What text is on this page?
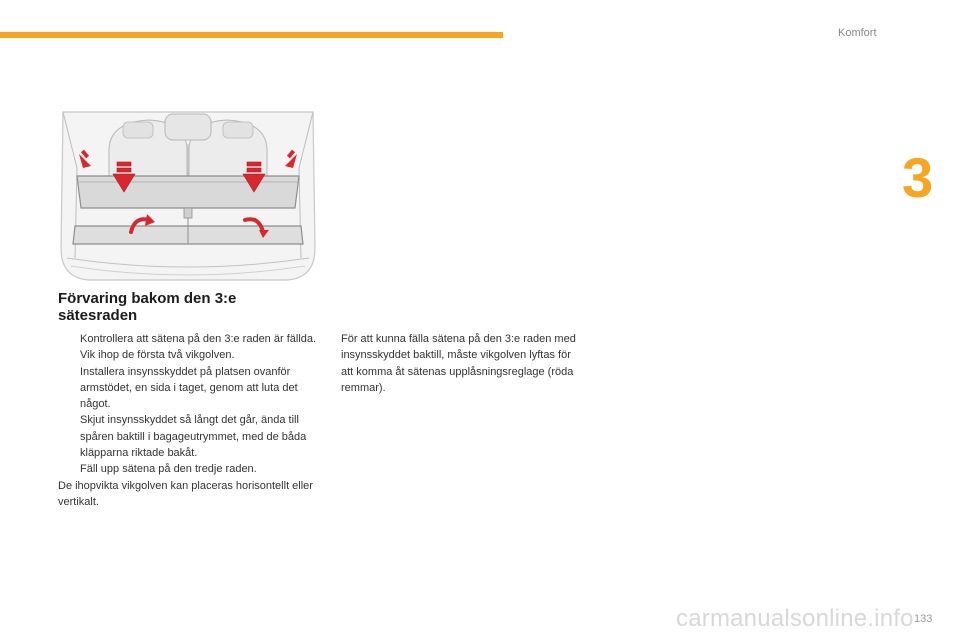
Komfort
3
Förvaring bakom den 3:e sätesraden
Kontrollera att sätena på den 3:e raden är fällda.
Vik ihop de första två vikgolven.
Installera insynsskyddet på platsen ovanför armstödet, en sida i taget, genom att luta det något.
Skjut insynsskyddet så långt det går, ända till spåren baktill i bagageutrymmet, med de båda kläpparna riktade bakåt.
Fäll upp sätena på den tredje raden.
De ihopvikta vikgolven kan placeras horisontellt eller vertikalt.
För att kunna fälla sätena på den 3:e raden med insynsskyddet baktill, måste vikgolven lyftas för att komma åt sätenas upplåsningsreglage (röda remmar).
carmanualsonline.info 133
